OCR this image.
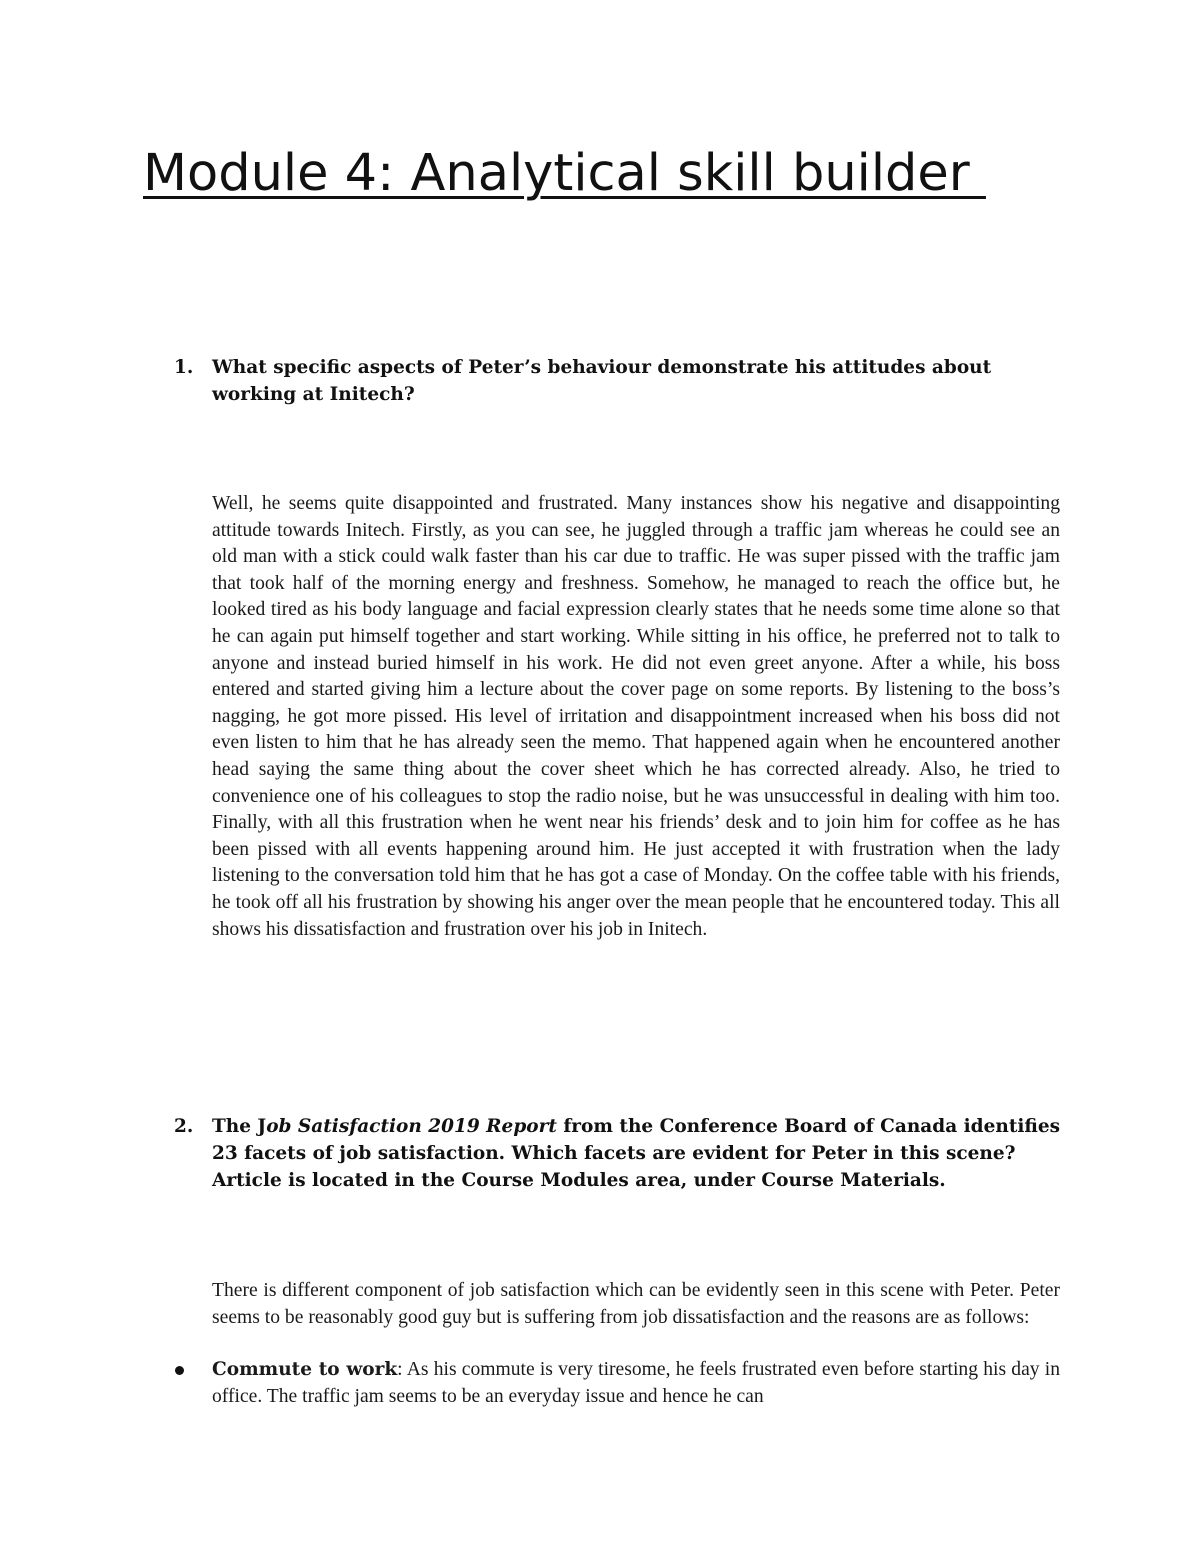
Module 4: Analytical skill builder
1. What specific aspects of Peter’s behaviour demonstrate his attitudes about working at Initech?

Well, he seems quite disappointed and frustrated. Many instances show his negative and disappointing attitude towards Initech. Firstly, as you can see, he juggled through a traffic jam whereas he could see an old man with a stick could walk faster than his car due to traffic. He was super pissed with the traffic jam that took half of the morning energy and freshness. Somehow, he managed to reach the office but, he looked tired as his body language and facial expression clearly states that he needs some time alone so that he can again put himself together and start working. While sitting in his office, he preferred not to talk to anyone and instead buried himself in his work. He did not even greet anyone. After a while, his boss entered and started giving him a lecture about the cover page on some reports. By listening to the boss’s nagging, he got more pissed. His level of irritation and disappointment increased when his boss did not even listen to him that he has already seen the memo. That happened again when he encountered another head saying the same thing about the cover sheet which he has corrected already. Also, he tried to convenience one of his colleagues to stop the radio noise, but he was unsuccessful in dealing with him too. Finally, with all this frustration when he went near his friends’ desk and to join him for coffee as he has been pissed with all events happening around him. He just accepted it with frustration when the lady listening to the conversation told him that he has got a case of Monday. On the coffee table with his friends, he took off all his frustration by showing his anger over the mean people that he encountered today. This all shows his dissatisfaction and frustration over his job in Initech.

2. The Job Satisfaction 2019 Report from the Conference Board of Canada identifies 23 facets of job satisfaction. Which facets are evident for Peter in this scene? Article is located in the Course Modules area, under Course Materials.

There is different component of job satisfaction which can be evidently seen in this scene with Peter. Peter seems to be reasonably good guy but is suffering from job dissatisfaction and the reasons are as follows:

Commute to work: As his commute is very tiresome, he feels frustrated even before starting his day in office. The traffic jam seems to be an everyday issue and hence he can
